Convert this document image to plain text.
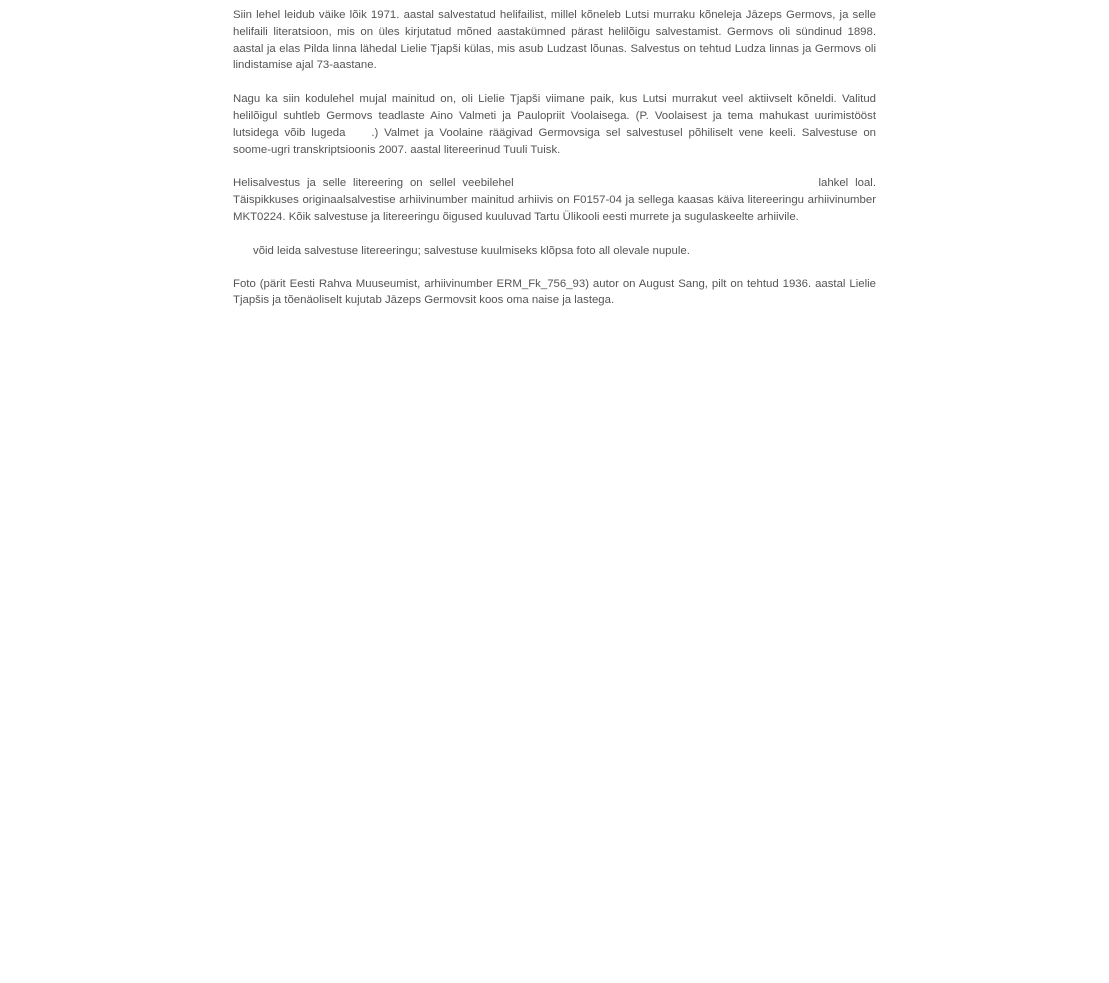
Siin lehel leidub väike lõik 1971. aastal salvestatud helifailist, millel kõneleb Lutsi murraku kõneleja Jāzeps Germovs, ja selle helifaili literatsioon, mis on üles kirjutatud mõned aastakümned pärast helilõigu salvestamist. Germovs oli sündinud 1898. aastal ja elas Pilda linna lähedal Lielie Tjapši külas, mis asub Ludzast lõunas. Salvestus on tehtud Ludza linnas ja Germovs oli lindistamise ajal 73-aastane.

Nagu ka siin kodulehel mujal mainitud on, oli Lielie Tjapši viimane paik, kus Lutsi murrakut veel aktiivselt kõneldi. Valitud helilõigul suhtleb Germovs teadlaste Aino Valmeti ja Paulopriit Voolaisega. (P. Voolaisest ja tema mahukast uurimistööst lutsidega võib lugeda .) Valmet ja Voolaine räägivad Germovsiga sel salvestusel põhiliselt vene keeli. Salvestuse on soome-ugri transkriptsioonis 2007. aastal litereerinud Tuuli Tuisk.

Helisalvestus ja selle litereering on sellel veebilehel	lahkel loal. Täispikkuses originaalsalvestise arhiivinumber mainitud arhiivis on F0157-04 ja sellega kaasas käiva litereeringu arhiivinumber MKT0224. Kõik salvestuse ja litereeringu õigused kuuluvad Tartu Ülikooli eesti murrete ja sugulaskeelte arhiivile.

võid leida salvestuse litereeringu; salvestuse kuulmiseks klõpsa foto all olevale nupule.

Foto (pärit Eesti Rahva Muuseumist, arhiivinumber ERM_Fk_756_93) autor on August Sang, pilt on tehtud 1936. aastal Lielie Tjapšis ja tõenäoliselt kujutab Jāzeps Germovsit koos oma naise ja lastega.
